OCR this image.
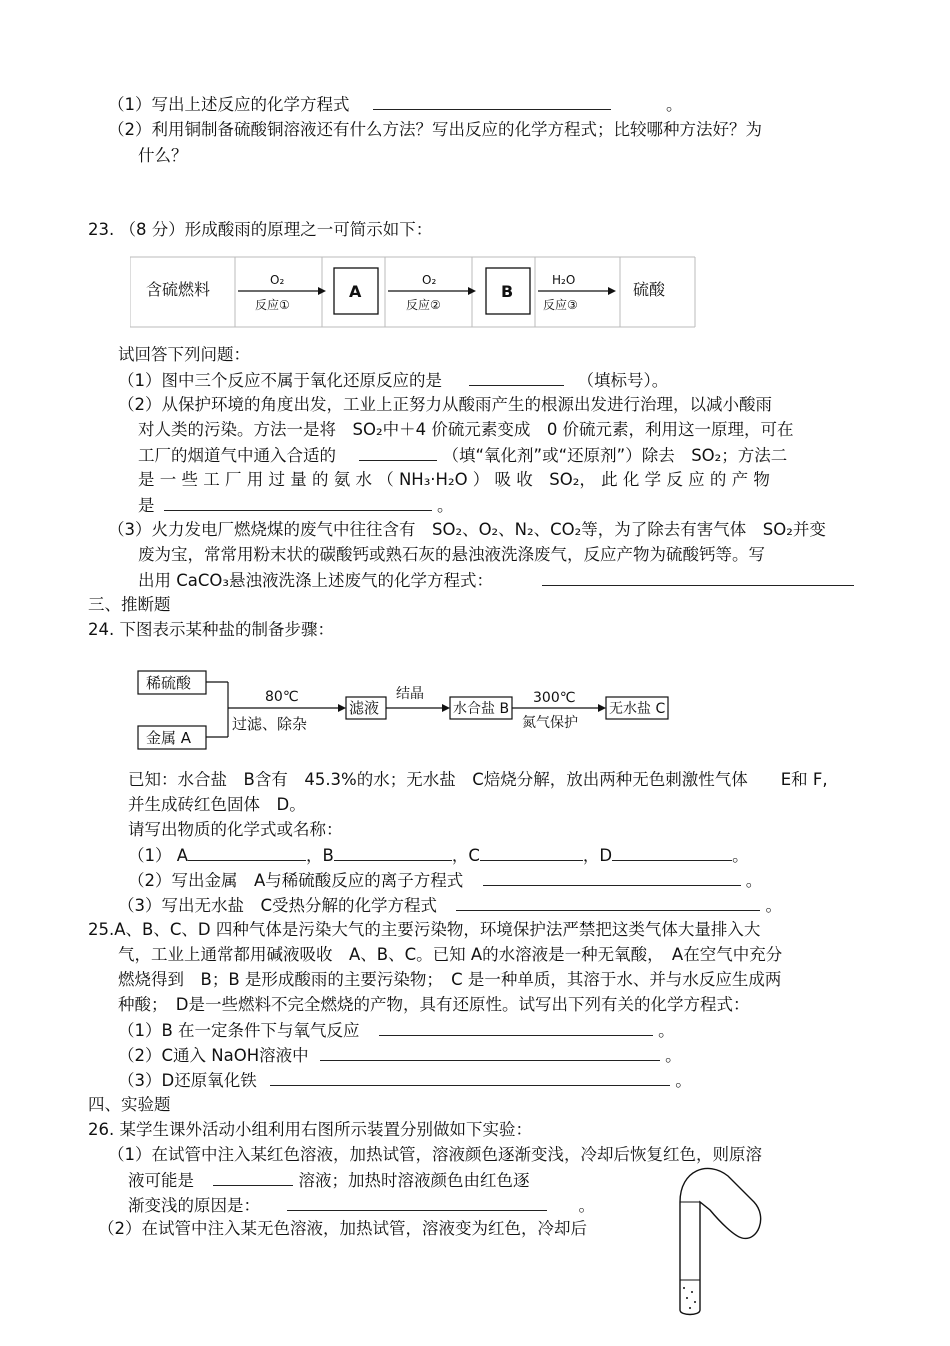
（1）写出上述反应的化学方程式	。
（2）利用铜制备硫酸铜溶液还有什么方法？写出反应的化学方程式；比较哪种方法好？为
什么？
23. （8 分）形成酸雨的原理之一可简示如下：
含硫燃料	O₂
反应①
A
O₂
反应②
B
H₂O
反应③
硫酸
试回答下列问题：
（1）图中三个反应不属于氧化还原反应的是	（填标号）。
（2）从保护环境的角度出发，工业上正努力从酸雨产生的根源出发进行治理，以减小酸雨
对人类的污染。方法一是将　SO₂中＋4 价硫元素变成　0 价硫元素，利用这一原理，可在
工厂的烟道气中通入合适的	（填“氧化剂”或“还原剂”）除去　SO₂；方法二
是 一 些 工 厂 用 过 量 的 氨 水 （ NH₃·H₂O ） 吸 收　SO₂， 此 化 学 反 应 的 产 物
是	。
（3）火力发电厂燃烧煤的废气中往往含有　SO₂、O₂、N₂、CO₂等，为了除去有害气体　SO₂并变
废为宝，常常用粉末状的碳酸钙或熟石灰的悬浊液洗涤废气，反应产物为硫酸钙等。写
出用 CaCO₃悬浊液洗涤上述废气的化学方程式：
三、推断题
24. 下图表示某种盐的制备步骤：
稀硫酸
金属 A
80℃
过滤、除杂
滤液
结晶
水合盐 B
300℃
氮气保护
无水盐 C
已知：水合盐　B含有　45.3%的水；无水盐　C焙烧分解，放出两种无色刺激性气体　　E和 F,
并生成砖红色固体　D。
请写出物质的化学式或名称：
（1） A	，B	，C	，D	。
（2）写出金属　A与稀硫酸反应的离子方程式	。
（3）写出无水盐　C受热分解的化学方程式	。
25.A、B、C、D 四种气体是污染大气的主要污染物，环境保护法严禁把这类气体大量排入大
气，工业上通常都用碱液吸收　A、B、C。已知 A的水溶液是一种无氧酸，　A在空气中充分
燃烧得到　B；B 是形成酸雨的主要污染物；　C 是一种单质，其溶于水、并与水反应生成两
种酸；　D是一些燃料不完全燃烧的产物，具有还原性。试写出下列有关的化学方程式：
（1）B 在一定条件下与氧气反应	。
（2）C通入 NaOH溶液中	。
（3）D还原氧化铁	。
四、实验题
26. 某学生课外活动小组利用右图所示装置分别做如下实验：
（1）在试管中注入某红色溶液，加热试管，溶液颜色逐渐变浅，冷却后恢复红色，则原溶
液可能是	溶液；加热时溶液颜色由红色逐
渐变浅的原因是：	。
（2）在试管中注入某无色溶液，加热试管，溶液变为红色，冷却后
